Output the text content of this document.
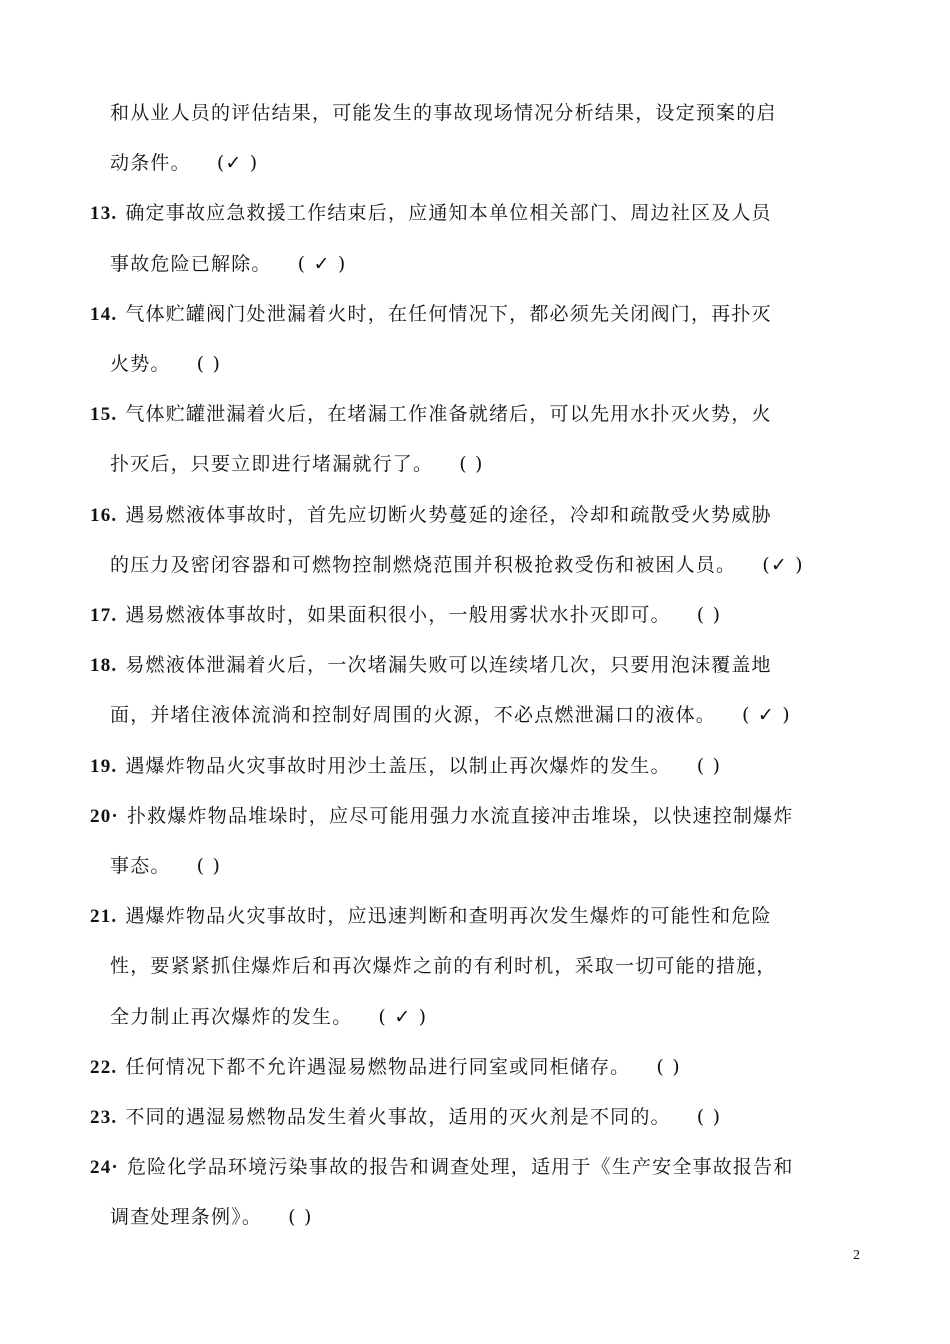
和从业人员的评估结果，可能发生的事故现场情况分析结果，设定预案的启
动条件。 (✓ )
13. 确定事故应急救援工作结束后，应通知本单位相关部门、周边社区及人员
事故危险已解除。 ( ✓ )
14. 气体贮罐阀门处泄漏着火时，在任何情况下，都必须先关闭阀门，再扑灭
火势。 ( )
15. 气体贮罐泄漏着火后，在堵漏工作准备就绪后，可以先用水扑灭火势，火
扑灭后，只要立即进行堵漏就行了。 ( )
16. 遇易燃液体事故时，首先应切断火势蔓延的途径，冷却和疏散受火势威胁
的压力及密闭容器和可燃物控制燃烧范围并积极抢救受伤和被困人员。 (✓ )
17. 遇易燃液体事故时，如果面积很小，一般用雾状水扑灭即可。 ( )
18. 易燃液体泄漏着火后，一次堵漏失败可以连续堵几次，只要用泡沫覆盖地
面，并堵住液体流淌和控制好周围的火源，不必点燃泄漏口的液体。 ( ✓ )
19. 遇爆炸物品火灾事故时用沙土盖压，以制止再次爆炸的发生。 ( )
20· 扑救爆炸物品堆垛时，应尽可能用强力水流直接冲击堆垛，以快速控制爆炸
事态。 ( )
21. 遇爆炸物品火灾事故时，应迅速判断和查明再次发生爆炸的可能性和危险
性，要紧紧抓住爆炸后和再次爆炸之前的有利时机，采取一切可能的措施，
全力制止再次爆炸的发生。 ( ✓ )
22. 任何情况下都不允许遇湿易燃物品进行同室或同柜储存。 ( )
23. 不同的遇湿易燃物品发生着火事故，适用的灭火剂是不同的。 ( )
24· 危险化学品环境污染事故的报告和调查处理，适用于《生产安全事故报告和
调查处理条例》。 ( )
2
